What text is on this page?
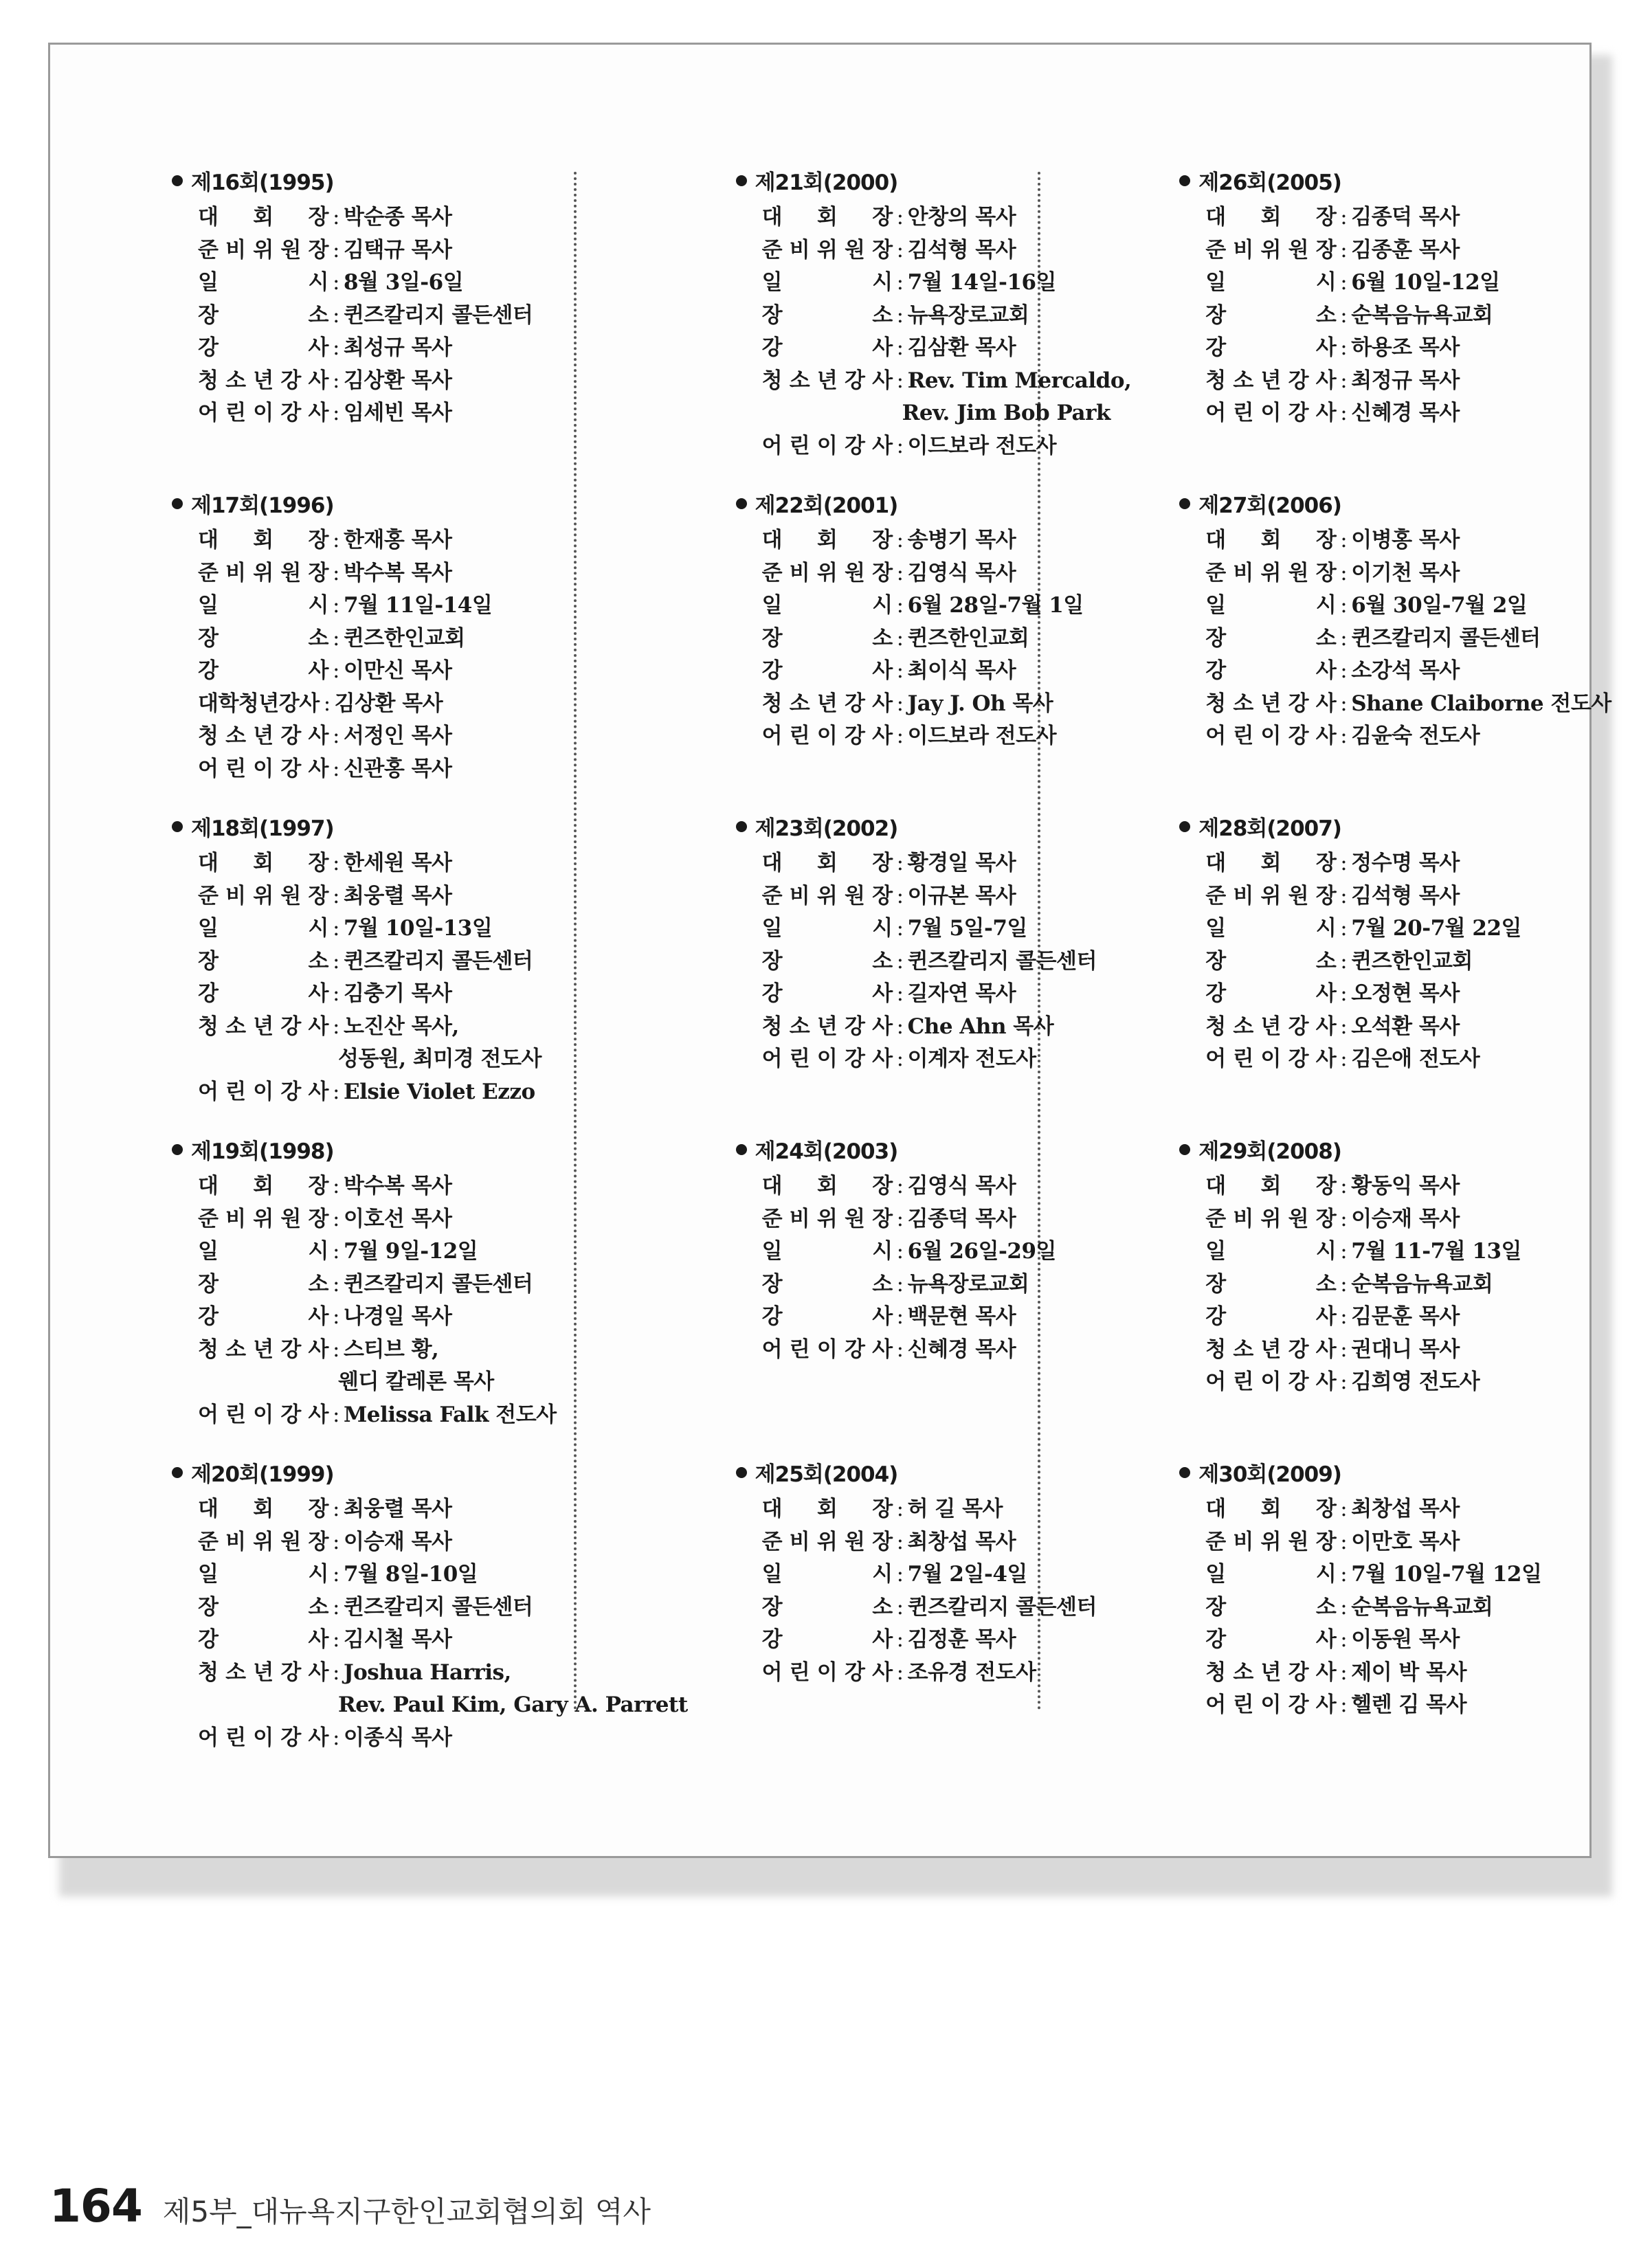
제16회(1995)
대 회 장 : 박순종 목사
준 비 위 원 장 : 김택규 목사
일	시 : 8월 3일-6일
장	소 : 퀸즈칼리지 콜든센터
강	사 : 최성규 목사
청 소 년 강 사 : 김상환 목사
어 린 이 강 사 : 임세빈 목사
제21회(2000)
대 회 장 : 안창의 목사
준 비 위 원 장 : 김석형 목사
일	시 : 7월 14일-16일
장	소 : 뉴욕장로교회
강	사 : 김삼환 목사
청 소 년 강 사 : Rev. Tim Mercaldo,
Rev. Jim Bob Park
어 린 이 강 사 : 이드보라 전도사
제26회(2005)
대 회 장 : 김종덕 목사
준 비 위 원 장 : 김종훈 목사
일	시 : 6월 10일-12일
장	소 : 순복음뉴욕교회
강	사 : 하용조 목사
청 소 년 강 사 : 최정규 목사
어 린 이 강 사 : 신혜경 목사
제17회(1996)
대 회 장 : 한재홍 목사
준 비 위 원 장 : 박수복 목사
일	시 : 7월 11일-14일
장	소 : 퀸즈한인교회
강	사 : 이만신 목사
대학청년강사 : 김상환 목사
청 소 년 강 사 : 서정인 목사
어 린 이 강 사 : 신관홍 목사
제22회(2001)
대 회 장 : 송병기 목사
준 비 위 원 장 : 김영식 목사
일	시 : 6월 28일-7월 1일
장	소 : 퀸즈한인교회
강	사 : 최이식 목사
청 소 년 강 사 : Jay J. Oh 목사
어 린 이 강 사 : 이드보라 전도사
제27회(2006)
대 회 장 : 이병홍 목사
준 비 위 원 장 : 이기천 목사
일	시 : 6월 30일-7월 2일
장	소 : 퀸즈칼리지 콜든센터
강	사 : 소강석 목사
청 소 년 강 사 : Shane Claiborne 전도사
어 린 이 강 사 : 김윤숙 전도사
제18회(1997)
대 회 장 : 한세원 목사
준 비 위 원 장 : 최웅렬 목사
일	시 : 7월 10일-13일
장	소 : 퀸즈칼리지 콜든센터
강	사 : 김충기 목사
청 소 년 강 사 : 노진산 목사,
성동원, 최미경 전도사
어 린 이 강 사 : Elsie Violet Ezzo
제23회(2002)
대 회 장 : 황경일 목사
준 비 위 원 장 : 이규본 목사
일	시 : 7월 5일-7일
장	소 : 퀸즈칼리지 콜든센터
강	사 : 길자연 목사
청 소 년 강 사 : Che Ahn 목사
어 린 이 강 사 : 이계자 전도사
제28회(2007)
대 회 장 : 정수명 목사
준 비 위 원 장 : 김석형 목사
일	시 : 7월 20-7월 22일
장	소 : 퀸즈한인교회
강	사 : 오정현 목사
청 소 년 강 사 : 오석환 목사
어 린 이 강 사 : 김은애 전도사
제19회(1998)
대 회 장 : 박수복 목사
준 비 위 원 장 : 이호선 목사
일	시 : 7월 9일-12일
장	소 : 퀸즈칼리지 콜든센터
강	사 : 나경일 목사
청 소 년 강 사 : 스티브 황,
웬디 칼레론 목사
어 린 이 강 사 : Melissa Falk 전도사
제24회(2003)
대 회 장 : 김영식 목사
준 비 위 원 장 : 김종덕 목사
일	시 : 6월 26일-29일
장	소 : 뉴욕장로교회
강	사 : 백문현 목사
어 린 이 강 사 : 신혜경 목사
제29회(2008)
대 회 장 : 황동익 목사
준 비 위 원 장 : 이승재 목사
일	시 : 7월 11-7월 13일
장	소 : 순복음뉴욕교회
강	사 : 김문훈 목사
청 소 년 강 사 : 권대니 목사
어 린 이 강 사 : 김희영 전도사
제20회(1999)
대 회 장 : 최웅렬 목사
준 비 위 원 장 : 이승재 목사
일	시 : 7월 8일-10일
장	소 : 퀸즈칼리지 콜든센터
강	사 : 김시철 목사
청 소 년 강 사 : Joshua Harris,
Rev. Paul Kim, Gary A. Parrett
어 린 이 강 사 : 이종식 목사
제25회(2004)
대 회 장 : 허 길 목사
준 비 위 원 장 : 최창섭 목사
일	시 : 7월 2일-4일
장	소 : 퀸즈칼리지 콜든센터
강	사 : 김정훈 목사
어 린 이 강 사 : 조유경 전도사
제30회(2009)
대 회 장 : 최창섭 목사
준 비 위 원 장 : 이만호 목사
일	시 : 7월 10일-7월 12일
장	소 : 순복음뉴욕교회
강	사 : 이동원 목사
청 소 년 강 사 : 제이 박 목사
어 린 이 강 사 : 헬렌 김 목사
164 제5부_대뉴욕지구한인교회협의회 역사
